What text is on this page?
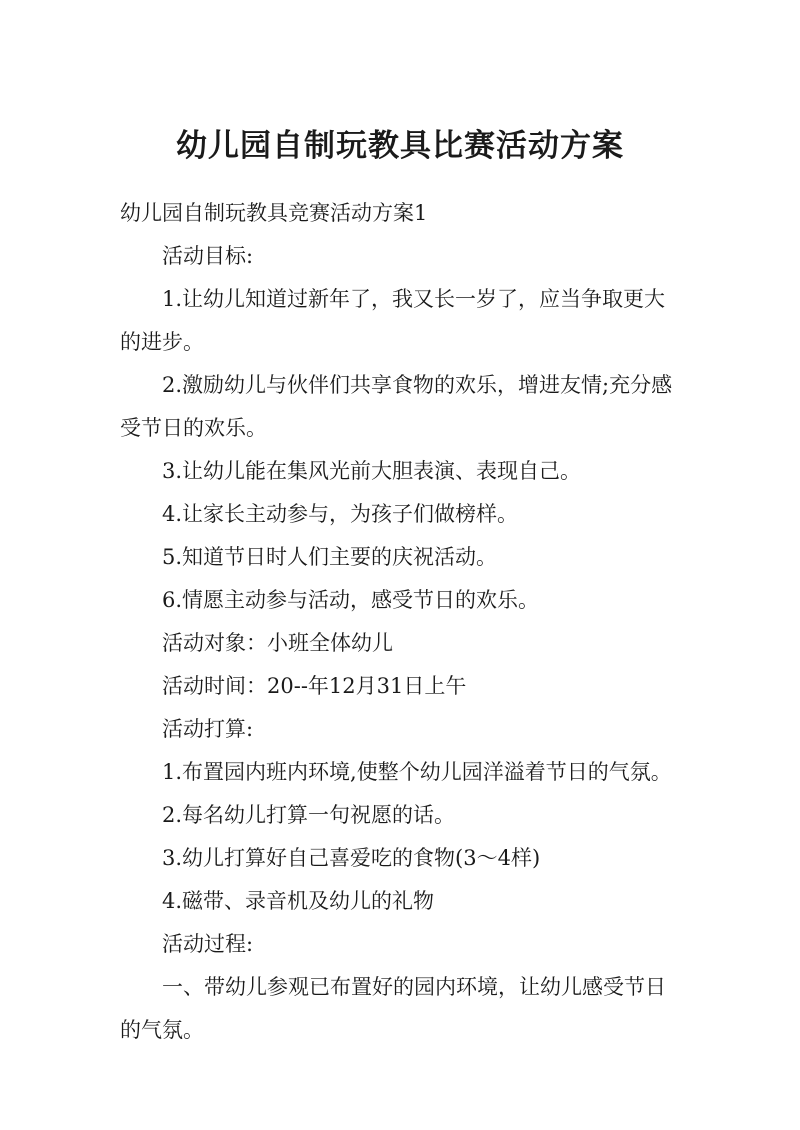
幼儿园自制玩教具比赛活动方案

幼儿园自制玩教具竞赛活动方案1

活动目标:

1.让幼儿知道过新年了，我又长一岁了，应当争取更大的进步。

2.激励幼儿与伙伴们共享食物的欢乐，增进友情;充分感受节日的欢乐。

3.让幼儿能在集风光前大胆表演、表现自己。

4.让家长主动参与，为孩子们做榜样。

5.知道节日时人们主要的庆祝活动。

6.情愿主动参与活动，感受节日的欢乐。

活动对象：小班全体幼儿

活动时间：20--年12月31日上午

活动打算:

1.布置园内班内环境,使整个幼儿园洋溢着节日的气氛。

2.每名幼儿打算一句祝愿的话。

3.幼儿打算好自己喜爱吃的食物(3～4样)

4.磁带、录音机及幼儿的礼物

活动过程:

一、带幼儿参观已布置好的园内环境，让幼儿感受节日的气氛。
